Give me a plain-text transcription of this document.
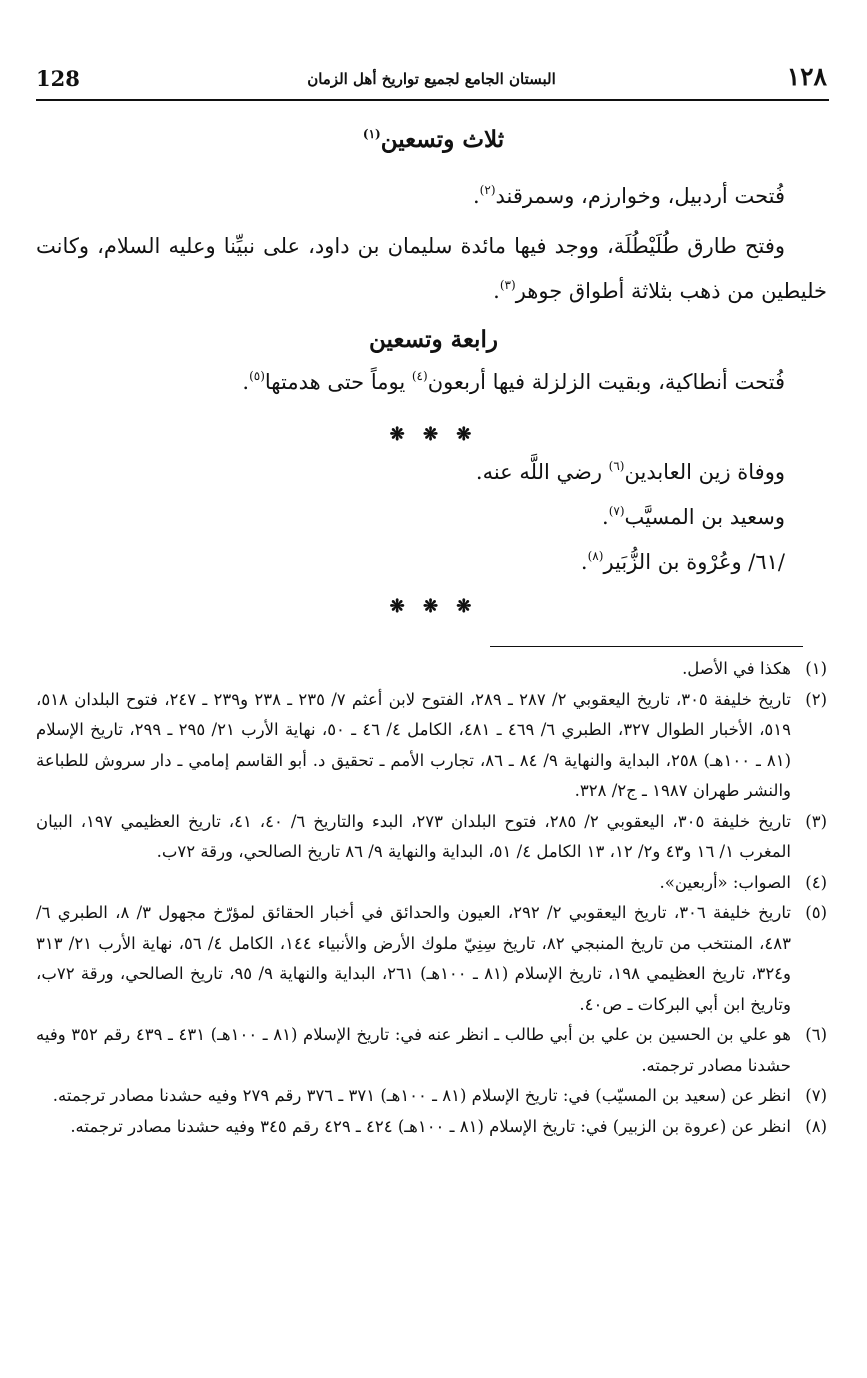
128	البستان الجامع لجميع تواريخ أهل الزمان	١٢٨
ثلاث وتسعين$^{(١)}$
فُتحت أردبيل، وخوارزم، وسمرقند$^{(٢)}$.
وفتح طارق طُلَيْطُلَة، ووجد فيها مائدة سليمان بن داود، على نبيِّنا وعليه السلام، وكانت خليطين من ذهب بثلاثة أطواق جوهر$^{(٣)}$.
رابعة وتسعين
فُتحت أنطاكية، وبقيت الزلزلة فيها أربعون$^{(٤)}$ يوماً حتى هدمتها$^{(٥)}$.
❋ ❋ ❋
ووفاة زين العابدين$^{(٦)}$ رضي اللَّه عنه.
وسعيد بن المسيَّب$^{(٧)}$.
/٦١/ وعُرْوة بن الزُّبَير$^{(٨)}$.
❋ ❋ ❋

(١)
هكذا في الأصل.

(٢)
تاريخ خليفة ٣٠٥، تاريخ اليعقوبي ٢/ ٢٨٧ ـ ٢٨٩، الفتوح لابن أعثم ٧/ ٢٣٥ ـ ٢٣٨ و٢٣٩ ـ ٢٤٧، فتوح البلدان ٥١٨، ٥١٩، الأخبار الطوال ٣٢٧، الطبري ٦/ ٤٦٩ ـ ٤٨١، الكامل ٤/ ٤٦ ـ ٥٠، نهاية الأرب ٢١/ ٢٩٥ ـ ٢٩٩، تاريخ الإسلام (٨١ ـ ١٠٠هـ) ٢٥٨، البداية والنهاية ٩/ ٨٤ ـ ٨٦، تجارب الأمم ـ تحقيق د. أبو القاسم إمامي ـ دار سروش للطباعة والنشر طهران ١٩٨٧ ـ ج٢/ ٣٢٨.

(٣)
تاريخ خليفة ٣٠٥، اليعقوبي ٢/ ٢٨٥، فتوح البلدان ٢٧٣، البدء والتاريخ ٦/ ٤٠، ٤١، تاريخ العظيمي ١٩٧، البيان المغرب ١/ ١٦ و٤٣ و٢/ ١٢، ١٣ الكامل ٤/ ٥١، البداية والنهاية ٩/ ٨٦ تاريخ الصالحي، ورقة ٧٢ب.

(٤)
الصواب: «أربعين».

(٥)
تاريخ خليفة ٣٠٦، تاريخ اليعقوبي ٢/ ٢٩٢، العيون والحدائق في أخبار الحقائق لمؤرّخ مجهول ٣/ ٨، الطبري ٦/ ٤٨٣، المنتخب من تاريخ المنبجي ٨٢، تاريخ سِنِيّ ملوك الأرض والأنبياء ١٤٤، الكامل ٤/ ٥٦، نهاية الأرب ٢١/ ٣١٣ و٣٢٤، تاريخ العظيمي ١٩٨، تاريخ الإسلام (٨١ ـ ١٠٠هـ) ٢٦١، البداية والنهاية ٩/ ٩٥، تاريخ الصالحي، ورقة ٧٢ب، وتاريخ ابن أبي البركات ـ ص٤٠.

(٦)
هو علي بن الحسين بن علي بن أبي طالب ـ انظر عنه في: تاريخ الإسلام (٨١ ـ ١٠٠هـ) ٤٣١ ـ ٤٣٩ رقم ٣٥٢ وفيه حشدنا مصادر ترجمته.

(٧)
انظر عن (سعيد بن المسيّب) في: تاريخ الإسلام (٨١ ـ ١٠٠هـ) ٣٧١ ـ ٣٧٦ رقم ٢٧٩ وفيه حشدنا مصادر ترجمته.

(٨)
انظر عن (عروة بن الزبير) في: تاريخ الإسلام (٨١ ـ ١٠٠هـ) ٤٢٤ ـ ٤٢٩ رقم ٣٤٥ وفيه حشدنا مصادر ترجمته.
